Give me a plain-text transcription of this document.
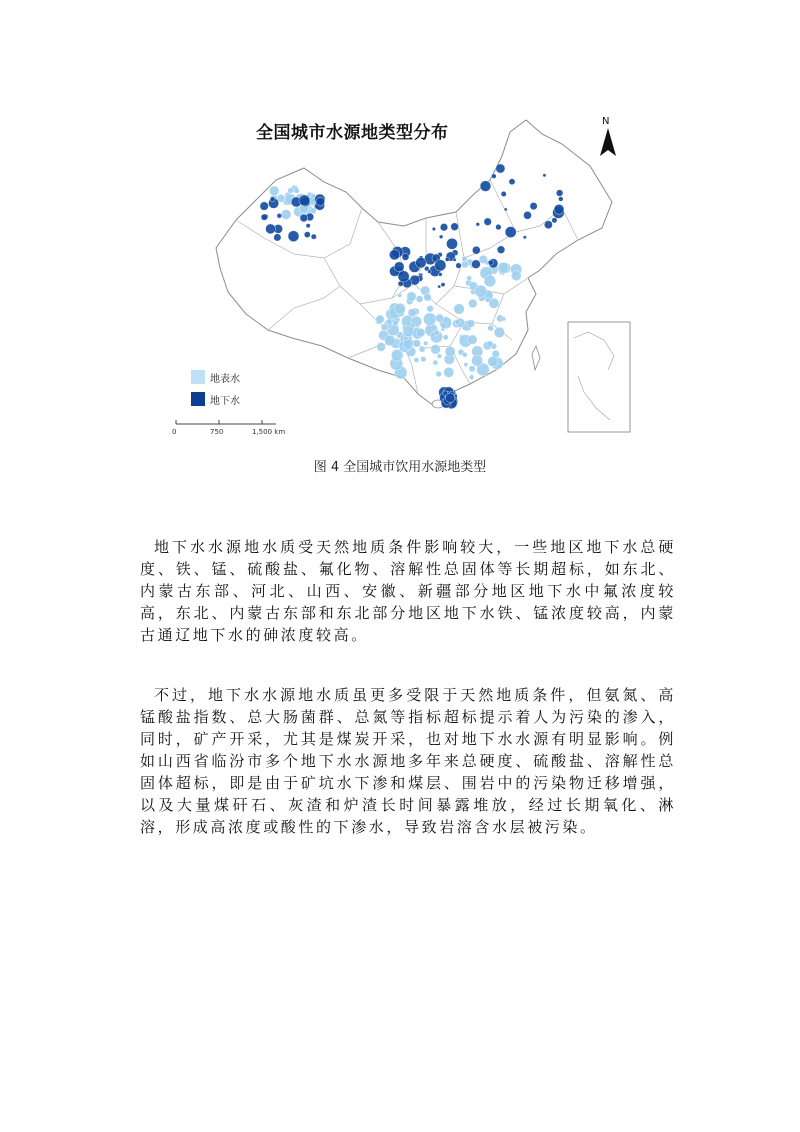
全国城市水源地类型分布
N
地表水
地下水
0	750	1,500 km
图 4 全国城市饮用水源地类型
地下水水源地水质受天然地质条件影响较大，一些地区地下水总硬度、铁、锰、硫酸盐、氟化物、溶解性总固体等长期超标，如东北、内蒙古东部、河北、山西、安徽、新疆部分地区地下水中氟浓度较高，东北、内蒙古东部和东北部分地区地下水铁、锰浓度较高，内蒙古通辽地下水的砷浓度较高。
不过，地下水水源地水质虽更多受限于天然地质条件，但氨氮、高锰酸盐指数、总大肠菌群、总氮等指标超标提示着人为污染的渗入，同时，矿产开采，尤其是煤炭开采，也对地下水水源有明显影响。例如山西省临汾市多个地下水水源地多年来总硬度、硫酸盐、溶解性总固体超标，即是由于矿坑水下渗和煤层、围岩中的污染物迁移增强，以及大量煤矸石、灰渣和炉渣长时间暴露堆放，经过长期氧化、淋溶，形成高浓度或酸性的下渗水，导致岩溶含水层被污染。
